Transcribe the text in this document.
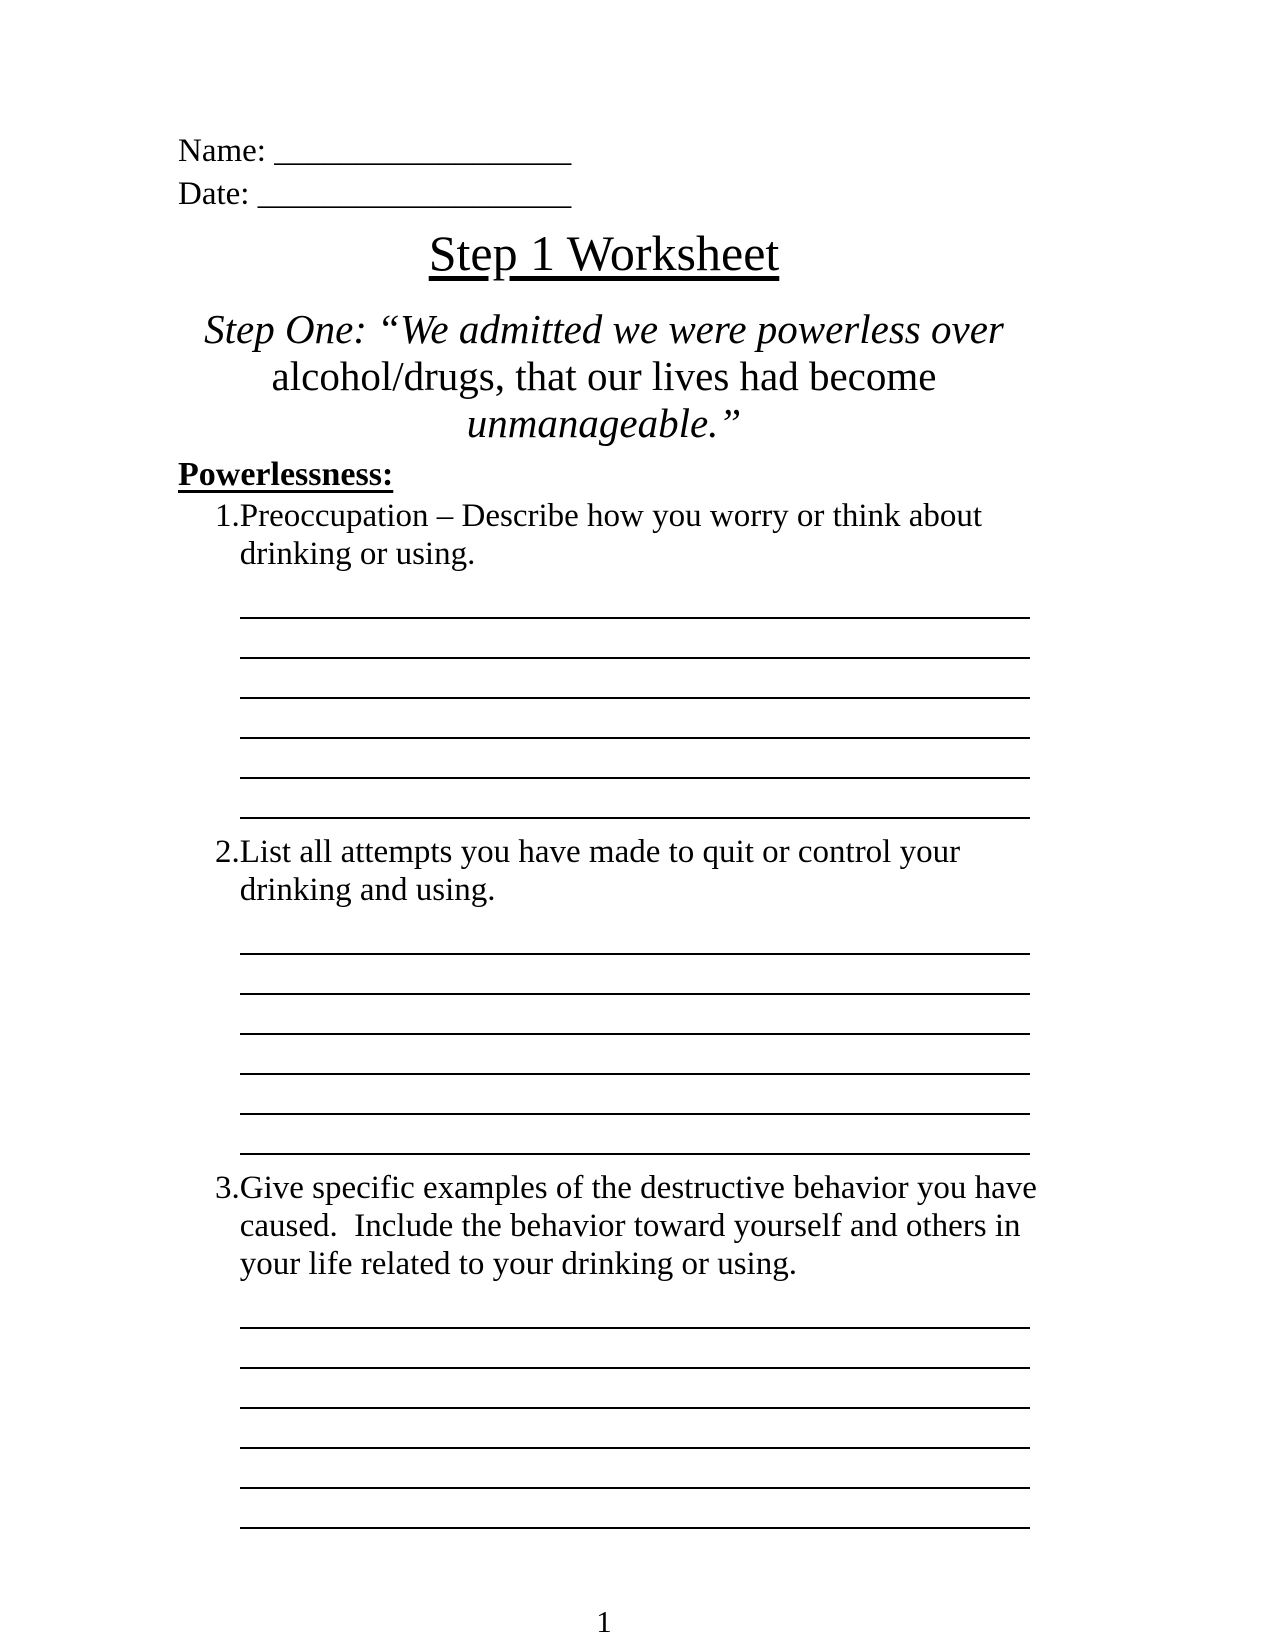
Name: __________________
Date: ___________________
Step 1 Worksheet
Step One: “We admitted we were powerless over
alcohol/drugs, that our lives had become
unmanageable.”
Powerlessness:
1. Preoccupation – Describe how you worry or think about
drinking or using.
2. List all attempts you have made to quit or control your
drinking and using.
3. Give specific examples of the destructive behavior you have
caused.  Include the behavior toward yourself and others in
your life related to your drinking or using.
1
